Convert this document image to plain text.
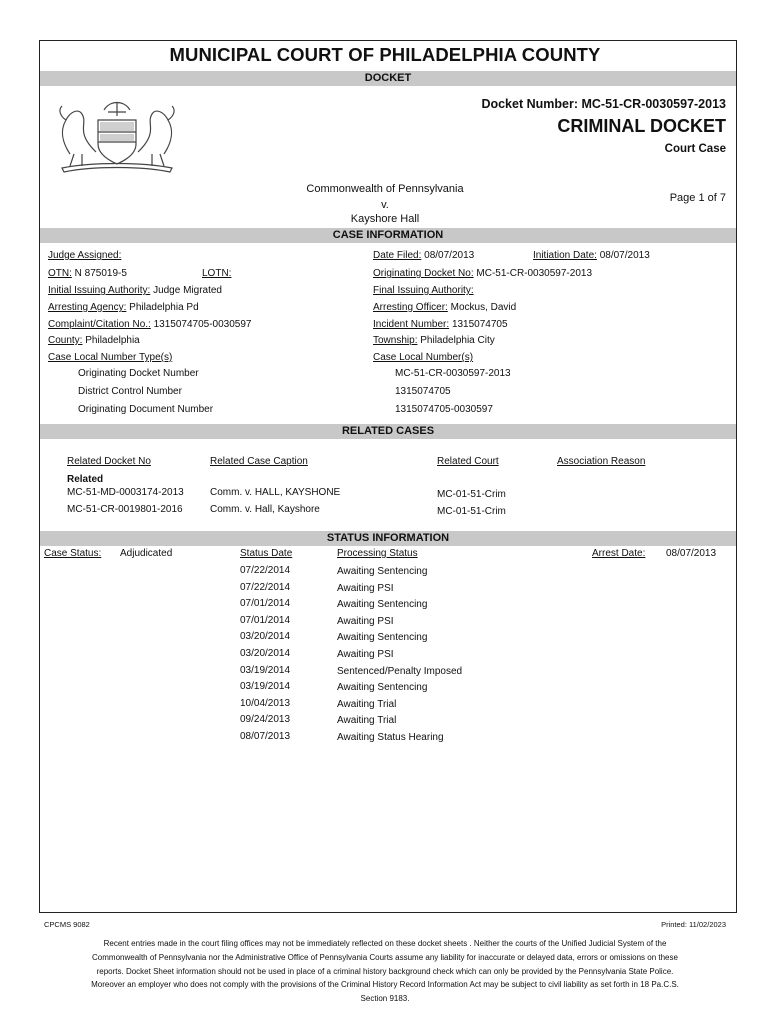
MUNICIPAL COURT OF PHILADELPHIA COUNTY
DOCKET
Docket Number: MC-51-CR-0030597-2013
CRIMINAL DOCKET
Court Case
Commonwealth of Pennsylvania
v.
Kayshore Hall
Page 1 of 7
CASE INFORMATION
Judge Assigned:	Date Filed: 08/07/2013	Initiation Date: 08/07/2013
OTN: N 875019-5	LOTN:	Originating Docket No: MC-51-CR-0030597-2013
Initial Issuing Authority: Judge Migrated	Final Issuing Authority:
Arresting Agency: Philadelphia Pd	Arresting Officer: Mockus, David
Complaint/Citation No.: 1315074705-0030597	Incident Number: 1315074705
County: Philadelphia	Township: Philadelphia City
Case Local Number Type(s)	Case Local Number(s)
Originating Docket Number	MC-51-CR-0030597-2013
District Control Number	1315074705
Originating Document Number	1315074705-0030597
RELATED CASES
Related Docket No	Related Case Caption	Related Court	Association Reason
Related
MC-51-MD-0003174-2013	Comm. v. HALL, KAYSHONE	MC-01-51-Crim
MC-51-CR-0019801-2016	Comm. v. Hall, Kayshore	MC-01-51-Crim
STATUS INFORMATION
Case Status: Adjudicated	Status Date	Processing Status	Arrest Date: 08/07/2013
07/22/2014	Awaiting Sentencing
07/22/2014	Awaiting PSI
07/01/2014	Awaiting Sentencing
07/01/2014	Awaiting PSI
03/20/2014	Awaiting Sentencing
03/20/2014	Awaiting PSI
03/19/2014	Sentenced/Penalty Imposed
03/19/2014	Awaiting Sentencing
10/04/2013	Awaiting Trial
09/24/2013	Awaiting Trial
08/07/2013	Awaiting Status Hearing
CPCMS 9082	Printed: 11/02/2023
Recent entries made in the court filing offices may not be immediately reflected on these docket sheets . Neither the courts of the Unified Judicial System of the Commonwealth of Pennsylvania nor the Administrative Office of Pennsylvania Courts assume any liability for inaccurate or delayed data, errors or omissions on these reports. Docket Sheet information should not be used in place of a criminal history background check which can only be provided by the Pennsylvania State Police. Moreover an employer who does not comply with the provisions of the Criminal History Record Information Act may be subject to civil liability as set forth in 18 Pa.C.S. Section 9183.
